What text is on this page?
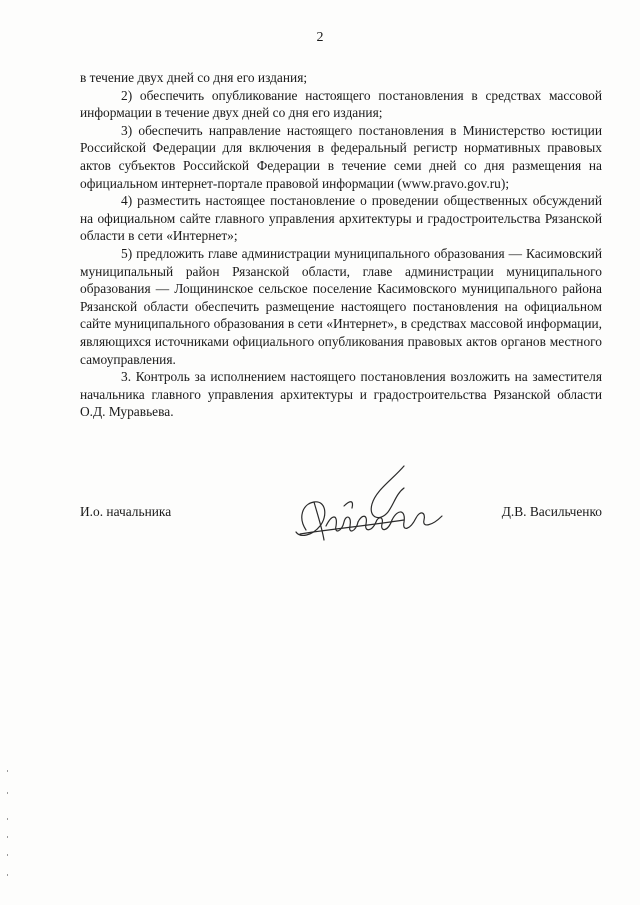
2

в течение двух дней со дня его издания;

2) обеспечить опубликование настоящего постановления в средствах массовой информации в течение двух дней со дня его издания;

3) обеспечить направление настоящего постановления в Министерство юстиции Российской Федерации для включения в федеральный регистр нормативных правовых актов субъектов Российской Федерации в течение семи дней со дня размещения на официальном интернет-портале правовой информации (www.pravo.gov.ru);

4) разместить настоящее постановление о проведении общественных обсуждений на официальном сайте главного управления архитектуры и градостроительства Рязанской области в сети «Интернет»;

5) предложить главе администрации муниципального образования — Касимовский муниципальный район Рязанской области, главе администрации муниципального образования — Лощининское сельское поселение Касимовского муниципального района Рязанской области обеспечить размещение настоящего постановления на официальном сайте муниципального образования в сети «Интернет», в средствах массовой информации, являющихся источниками официального опубликования правовых актов органов местного самоуправления.

3. Контроль за исполнением настоящего постановления возложить на заместителя начальника главного управления архитектуры и градостроительства Рязанской области О.Д. Муравьева.

И.о. начальника	Д.В. Васильченко
